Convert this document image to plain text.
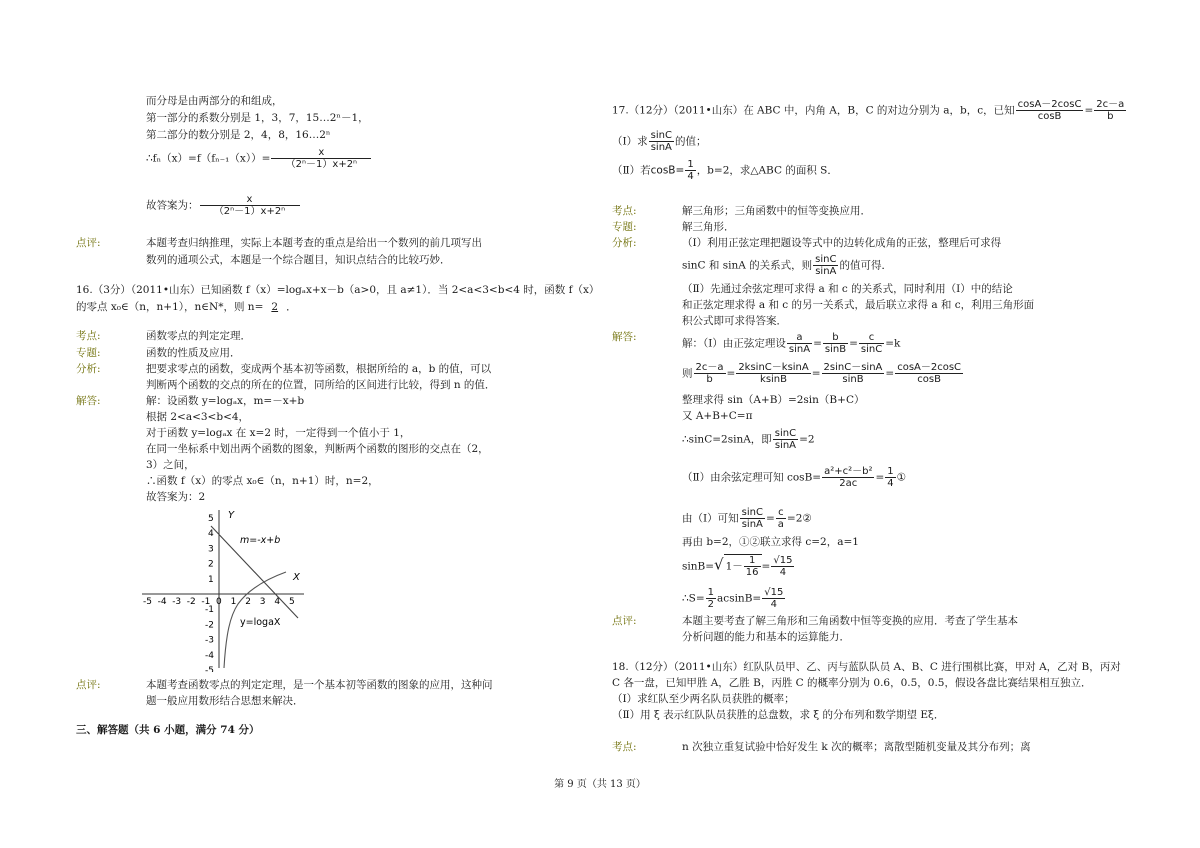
而分母是由两部分的和组成，
第一部分的系数分别是 1，3，7，15…2ⁿ－1，
第二部分的数分别是 2，4，8，16…2ⁿ
∴fₙ（x）=f（fₙ₋₁（x））= $\frac{x}{\text{（2ⁿ－1）x+2ⁿ}}$
故答案为： $\frac{x}{\text{（2ⁿ－1）x+2ⁿ}}$
点评:	本题考查归纳推理，实际上本题考查的重点是给出一个数列的前几项写出
数列的通项公式，本题是一个综合题目，知识点结合的比较巧妙．
16.（3分）（2011•山东）已知函数 f（x）=logₐx+x－b（a>0，且 a≠1）．当 2<a<3<b<4 时，函数 f（x）
的零点 x₀∈（n，n+1），n∈N*，则 n= 2 ．
考点:	函数零点的判定定理．
专题:	函数的性质及应用．
分析:	把要求零点的函数，变成两个基本初等函数，根据所给的 a，b 的值，可以
判断两个函数的交点的所在的位置，同所给的区间进行比较，得到 n 的值．
解答:	解：设函数 y=logₐx，m=－x+b
根据 2<a<3<b<4，
对于函数 y=logₐx 在 x=2 时，一定得到一个值小于 1，
在同一坐标系中划出两个函数的图象，判断两个函数的图形的交点在（2，
3）之间，
∴函数 f（x）的零点 x₀∈（n，n+1）时，n=2，
故答案为：2
-5 -4 -3 -2 -1 0 1 2 3 4 5
5
4
3
2
1
-1
-2
-3
-4
-5
Y
X
m=-x+b
y=logaX
点评:	本题考查函数零点的判定定理，是一个基本初等函数的图象的应用，这种问
题一般应用数形结合思想来解决．
三、解答题（共 6 小题，满分 74 分）
17.（12分）（2011•山东）在 ABC 中，内角 A，B，C 的对边分别为 a，b，c，已知 $\frac{\cos A-2\cos C}{\cos B} = \frac{2c-a}{b}$
（Ⅰ）求 $\frac{\sin C}{\sin A}$ 的值；
（Ⅱ）若$\cos B= \frac{1}{4}$ ，b=2，求△ABC 的面积 S．
考点:	解三角形；三角函数中的恒等变换应用．
专题:	解三角形．
分析:	（Ⅰ）利用正弦定理把题设等式中的边转化成角的正弦，整理后可求得
sinC 和 sinA 的关系式，则 $\frac{\sin C}{\sin A}$ 的值可得．
（Ⅱ）先通过余弦定理可求得 a 和 c 的关系式，同时利用（Ⅰ）中的结论
和正弦定理求得 a 和 c 的另一关系式，最后联立求得 a 和 c，利用三角形面
积公式即可求得答案．
解答:
解：（Ⅰ）由正弦定理设 $\frac{a}{\sin A} = \frac{b}{\sin B} = \frac{c}{\sin C} =k$
则 $\frac{2c-a}{b} = \frac{2ksinC-ksinA}{ksinB} = \frac{2\sin C-\sin A}{\sin B} = \frac{\cos A-2\cos C}{\cos B}$
整理求得 sin（A+B）=2sin（B+C）
又 A+B+C=π
∴sinC=2sinA，即 $\frac{\sin C}{\sin A} =2$
（Ⅱ）由余弦定理可知 $\cos B= \frac{\text{a²+c²－b²}}{2ac} = \frac{1}{4}$ ①
由（Ⅰ）可知 $\frac{\sin C}{\sin A} = \frac{c}{a}$ =2②
再由 b=2，①②联立求得 c=2，a=1
sinB=√ $1- \frac{1}{16} = \frac{√15}{4}$
∴S= $\frac{1}{2} acsinB= \frac{√15}{4}$
点评:	本题主要考查了解三角形和三角函数中恒等变换的应用．考查了学生基本
分析问题的能力和基本的运算能力．
18.（12分）（2011•山东）红队队员甲、乙、丙与蓝队队员 A、B、C 进行围棋比赛，甲对 A，乙对 B，丙对
C 各一盘，已知甲胜 A，乙胜 B，丙胜 C 的概率分别为 0.6，0.5，0.5，假设各盘比赛结果相互独立．
（Ⅰ）求红队至少两名队员获胜的概率；
（Ⅱ）用 ξ 表示红队队员获胜的总盘数，求 ξ 的分布列和数学期望 Eξ．
考点:	n 次独立重复试验中恰好发生 k 次的概率；离散型随机变量及其分布列；离
第 9 页（共 13 页）
